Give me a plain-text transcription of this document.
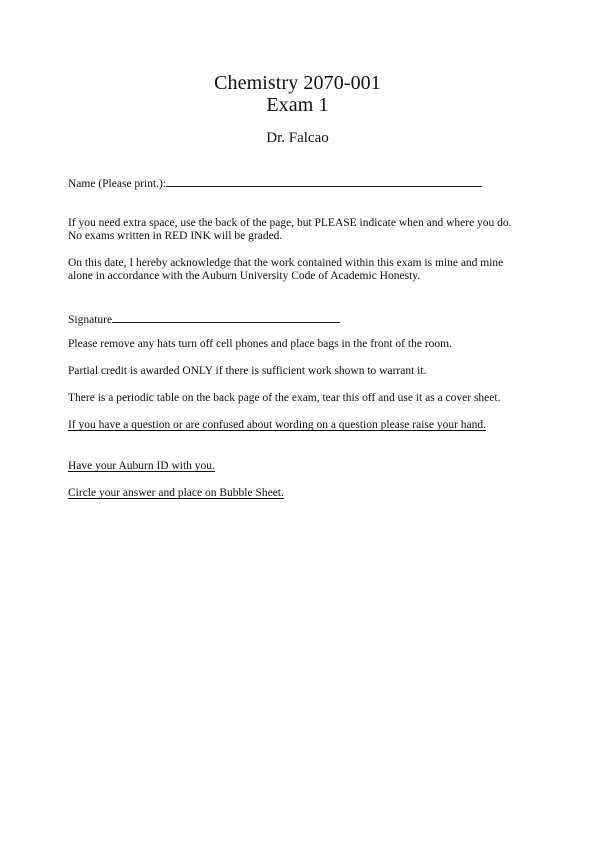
Chemistry 2070-001
Exam 1
Dr. Falcao
Name (Please print.):

If you need extra space, use the back of the page, but PLEASE indicate when and where you do.

No exams written in RED INK will be graded.

On this date, I hereby acknowledge that the work contained within this exam is mine and mine

alone in accordance with the Auburn University Code of Academic Honesty.

Signature
Please remove any hats turn off cell phones and place bags in the front of the room.
Partial credit is awarded ONLY if there is sufficient work shown to warrant it.
There is a periodic table on the back page of the exam, tear this off and use it as a cover sheet.
If you have a question or are confused about wording on a question please raise your hand.
Have your Auburn ID with you.
Circle your answer and place on Bubble Sheet.
